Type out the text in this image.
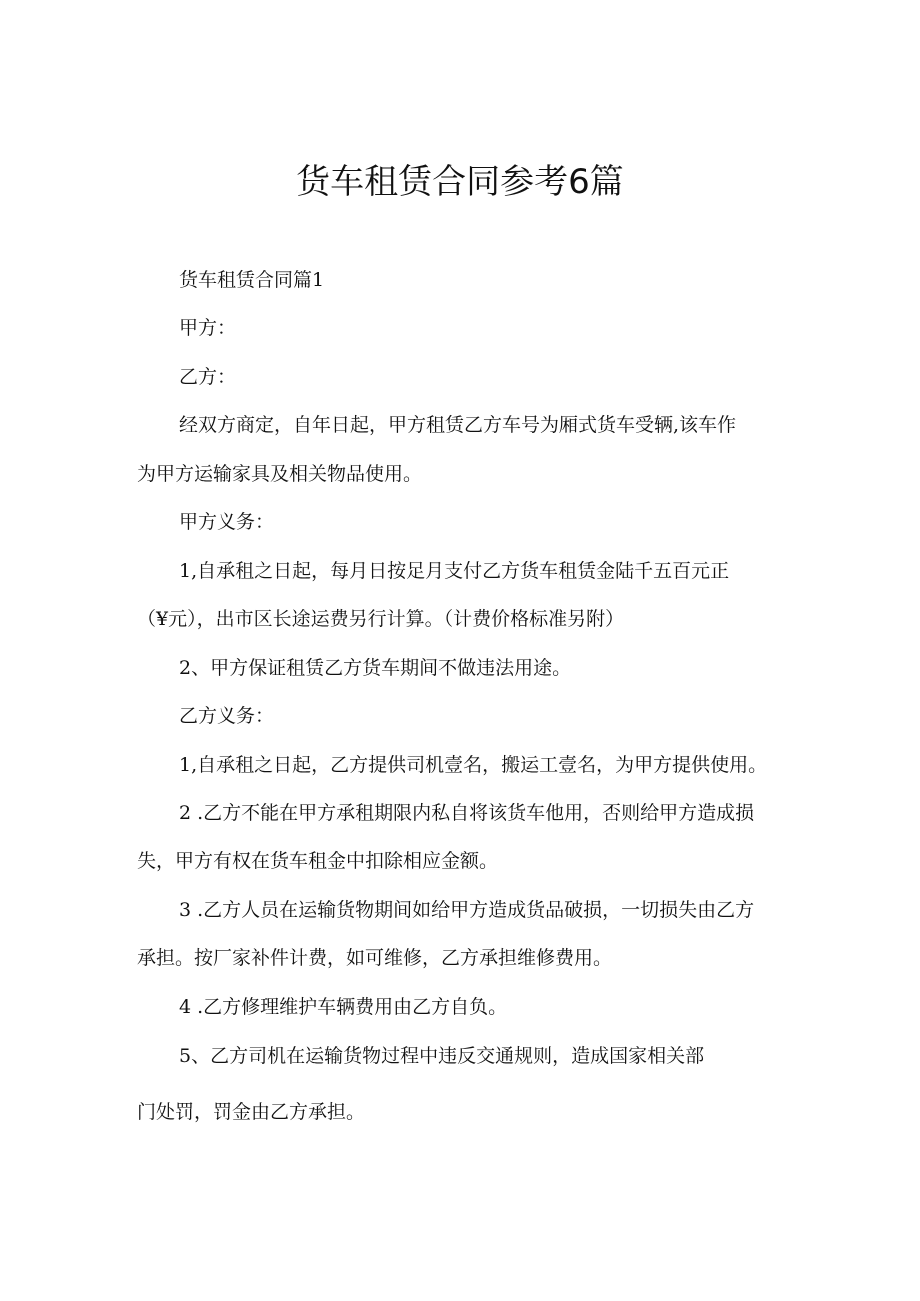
货车租赁合同参考6篇
货车租赁合同篇1
甲方：
乙方：
经双方商定，自年日起，甲方租赁乙方车号为厢式货车受辆,该车作
为甲方运输家具及相关物品使用。
甲方义务：
1,自承租之日起，每月日按足月支付乙方货车租赁金陆千五百元正
（¥元），出市区长途运费另行计算。（计费价格标准另附）
2、甲方保证租赁乙方货车期间不做违法用途。
乙方义务：
1,自承租之日起，乙方提供司机壹名，搬运工壹名，为甲方提供使用。
2 .乙方不能在甲方承租期限内私自将该货车他用，否则给甲方造成损
失，甲方有权在货车租金中扣除相应金额。
3 .乙方人员在运输货物期间如给甲方造成货品破损，一切损失由乙方
承担。按厂家补件计费，如可维修，乙方承担维修费用。
4 .乙方修理维护车辆费用由乙方自负。
5、乙方司机在运输货物过程中违反交通规则，造成国家相关部
门处罚，罚金由乙方承担。
